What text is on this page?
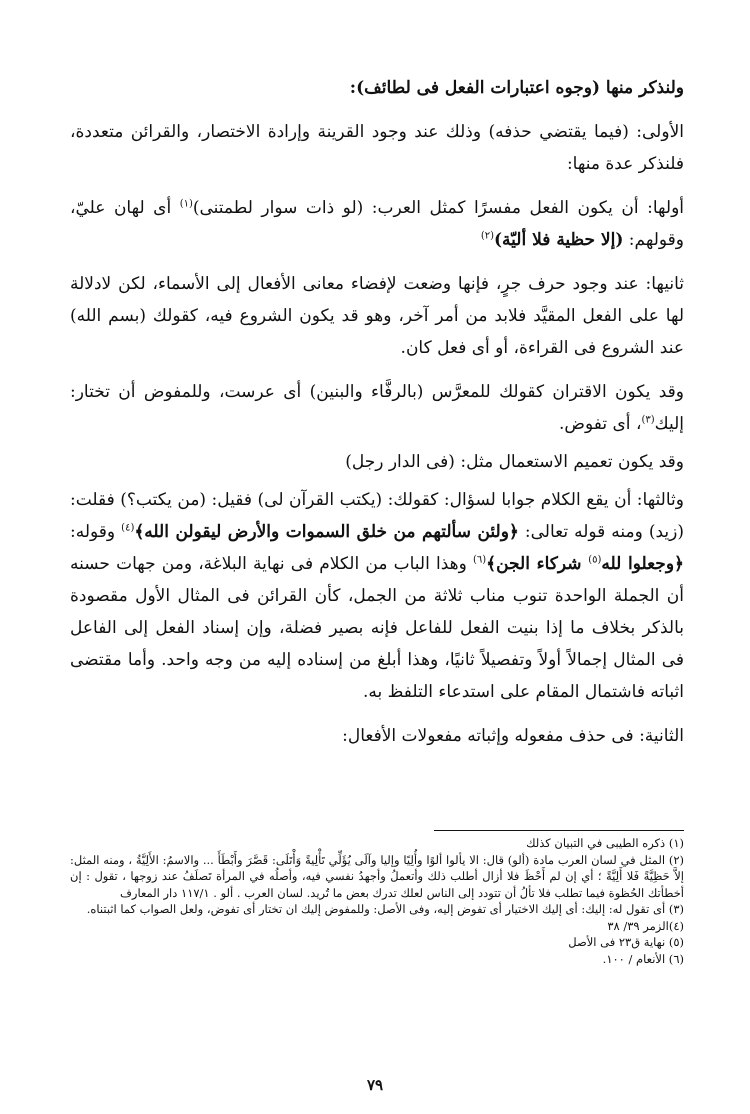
ولنذكر منها (وجوه اعتبارات الفعل فى لطائف):

الأولى: (فيما يقتضي حذفه) وذلك عند وجود القرينة وإرادة الاختصار، والقرائن متعددة، فلنذكر عدة منها:

أولها: أن يكون الفعل مفسرًا كمثل العرب: (لو ذات سوار لطمتنى)$^{(١)}$ أى لهان عليّ، وقولهم: (إلا حظية فلا أليّة)$^{(٢)}$

ثانيها: عند وجود حرف جرٍ، فإنها وضعت لإفضاء معانى الأفعال إلى الأسماء، لكن لادلالة لها على الفعل المقيَّد فلابد من أمر آخر، وهو قد يكون الشروع فيه، كقولك (بسم الله) عند الشروع فى القراءة، أو أى فعل كان.

وقد يكون الاقتران كقولك للمعرَّس (بالرفَّاء والبنين) أى عرست، وللمفوض أن تختار: إليك$^{(٣)}$، أى تفوض.

وقد يكون تعميم الاستعمال مثل: (فى الدار رجل)

وثالثها: أن يقع الكلام جوابا لسؤال: كقولك: (يكتب القرآن لى) فقيل: (من يكتب؟) فقلت: (زيد) ومنه قوله تعالى: ﴿ولئن سألتهم من خلق السموات والأرض ليقولن الله﴾$^{(٤)}$ وقوله: ﴿وجعلوا لله$^{(٥)}$ شركاء الجن﴾$^{(٦)}$ وهذا الباب من الكلام فى نهاية البلاغة، ومن جهات حسنه أن الجملة الواحدة تنوب مناب ثلاثة من الجمل، كأن القرائن فى المثال الأول مقصودة بالذكر بخلاف ما إذا بنيت الفعل للفاعل فإنه بصير فضلة، وإن إسناد الفعل إلى الفاعل فى المثال إجمالاً أولاً وتفصيلاً ثانيًا، وهذا أبلغ من إسناده إليه من وجه واحد. وأما مقتضى اثباته فاشتمال المقام على استدعاء التلفظ به.

الثانية: فى حذف مفعوله وإثباته مفعولات الأفعال:

(١) ذكره الطيبى في التبيان كذلك

(٢) المثل في لسان العرب مادة (ألو) قال: الا يألوا ألوًا وأُلِيًا وإليا وآلَى يُؤَلِّي تَأْلِيةً وَأْتَلَى: قَصَّرَ وأَبْطَأَ ... والاسمُ: الأَلِيَّةُ ، ومنه المثل: إلاَّ حَظِيَّةً فَلا أَلِيَّةً ؛ أي إن لم أَحْظَ فلا أزال أطلب ذلك وأتعملُ وأجهدُ نفسي فيه، وأصلُه في المرأة تَصلَفُ عند زوجها ، تقول : إن أخطأتك الحُظوة فيما تطلب فلا تألُ أن تتودد إلى الناس لعلك تدرك بعض ما تُريد. لسان العرب . ألو . ١١٧/١ دار المعارف

(٣) أى تقول له: إليك: أى إليك الاختيار أى تفوض إليه، وفى الأصل: وللمفوض إليك ان تختار أى تفوض، ولعل الصواب كما اثبتناه.

(٤)الزمر ٣٩/ ٣٨

(٥) نهاية ق٢٣ فى الأصل

(٦) الأنعام / ١٠٠.

٧٩
